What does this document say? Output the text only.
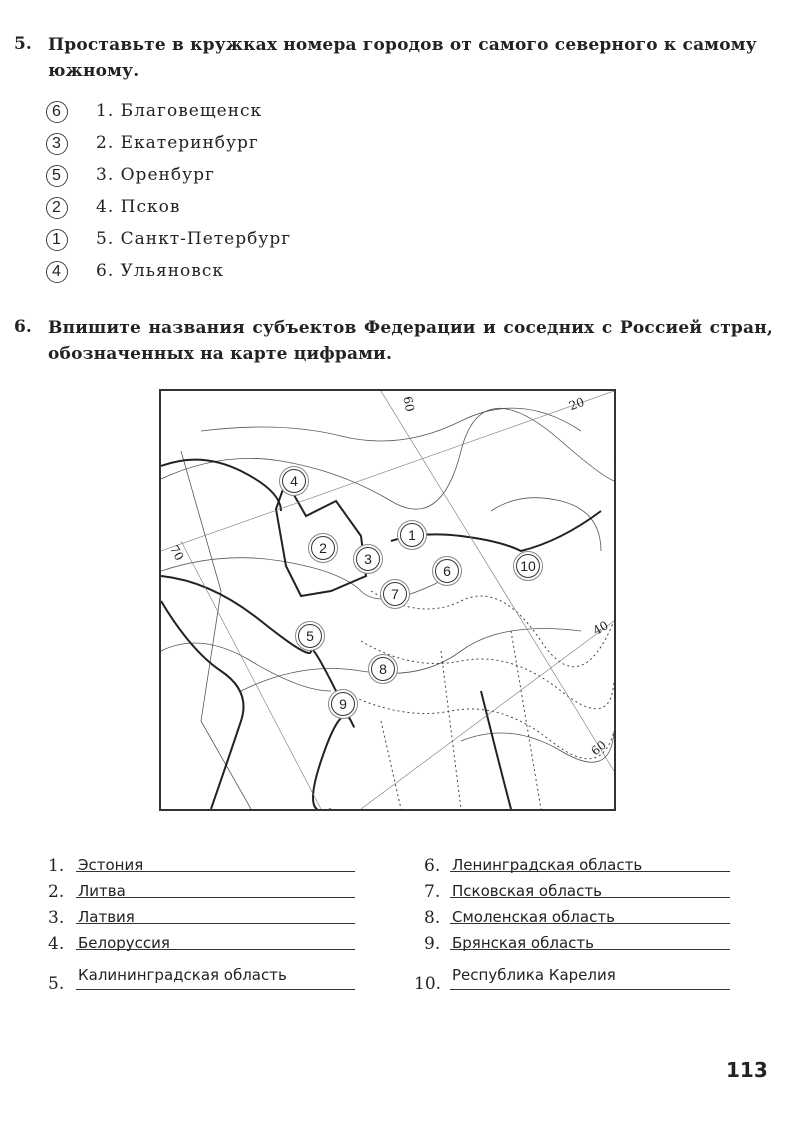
5. Проставьте в кружках номера городов от самого северного к самому южному.
6	1. Благовещенск
3	2. Екатеринбург
5	3. Оренбург
2	4. Псков
1	5. Санкт-Петербург
4	6. Ульяновск
6. Впишите названия субъектов Федерации и соседних с Россией стран, обозначенных на карте цифрами.
60	20
70
40
1
2
3
4
5
6
7
8
9
10
60
1. Эстония
2. Литва
3. Латвия
4. Белоруссия
5. Калининградская область
6. Ленинградская область
7. Псковская область
8. Смоленская область
9. Брянская область
10. Республика Карелия
113
